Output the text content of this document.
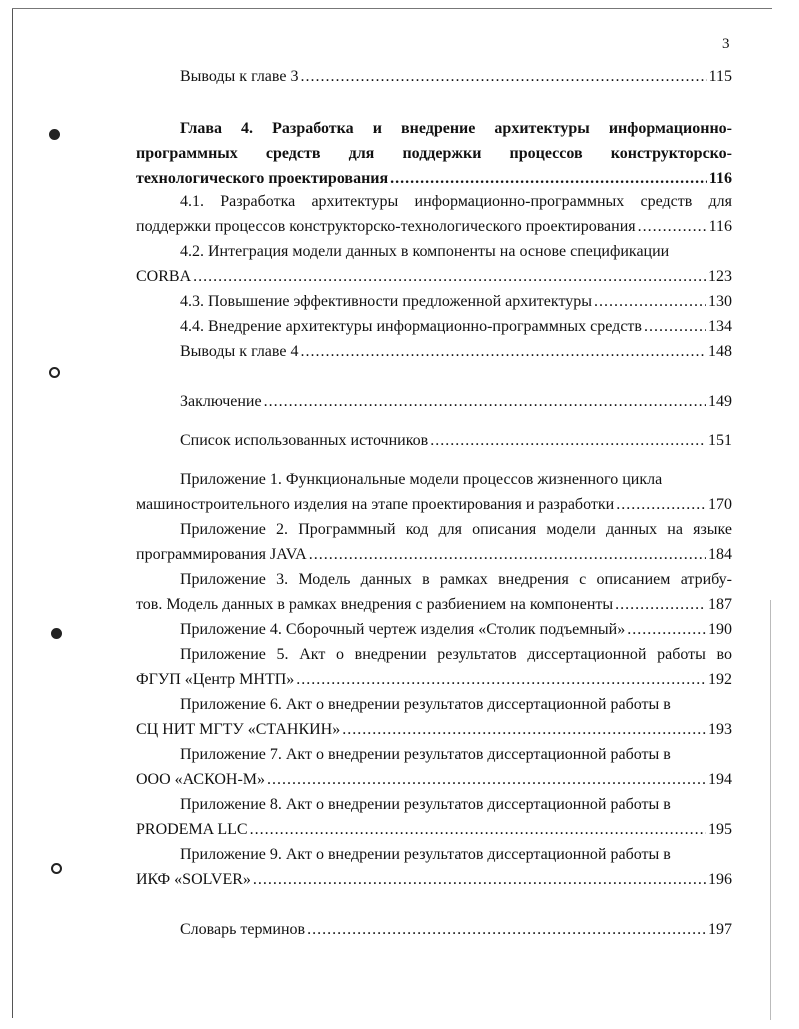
3
Выводы к главе 3 .....	115
Глава 4. Разработка и внедрение архитектуры информационно-
программных средств для поддержки процессов конструкторско-
технологического проектирования .....	116
4.1. Разработка архитектуры информационно-программных средств для
поддержки процессов конструкторско-технологического проектирования .....	116
4.2. Интеграция модели данных в компоненты на основе спецификации
CORBA .....	123
4.3. Повышение эффективности предложенной архитектуры .....	130
4.4. Внедрение архитектуры информационно-программных средств .....	134
Выводы к главе 4 .....	148
Заключение .....	149
Список использованных источников .....	151
Приложение 1. Функциональные модели процессов жизненного цикла
машиностроительного изделия на этапе проектирования и разработки .....	170
Приложение 2. Программный код для описания модели данных на языке
программирования JAVA .....	184
Приложение 3. Модель данных в рамках внедрения с описанием атрибу-
тов. Модель данных в рамках внедрения с разбиением на компоненты .....	187
Приложение 4. Сборочный чертеж изделия «Столик подъемный» .....	190
Приложение 5. Акт о внедрении результатов диссертационной работы во
ФГУП «Центр МНТП» .....	192
Приложение 6. Акт о внедрении результатов диссертационной работы в
СЦ НИТ МГТУ «СТАНКИН» .....	193
Приложение 7. Акт о внедрении результатов диссертационной работы в
ООО «АСКОН-М» .....	194
Приложение 8. Акт о внедрении результатов диссертационной работы в
PRODEMA LLC .....	195
Приложение 9. Акт о внедрении результатов диссертационной работы в
ИКФ «SOLVER» .....	196
Словарь терминов .....	197
